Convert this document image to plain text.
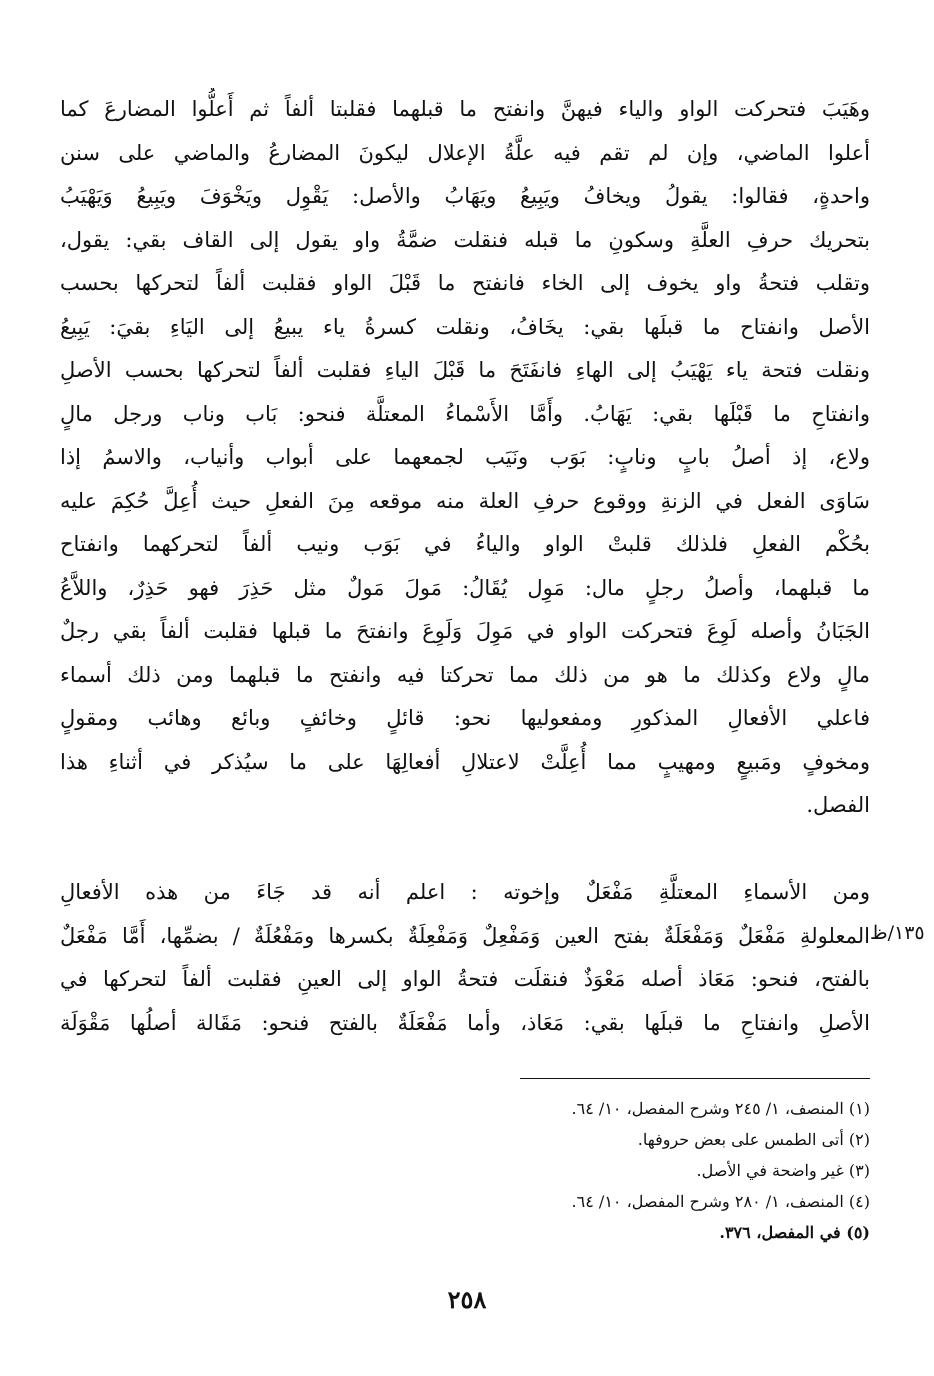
وهَيَبَ فتحركت الواو والياء فيهنَّ وانفتح ما قبلهما فقلبتا ألفاً ثم أَعلُّوا المضارعَ كما
أعلوا الماضي، وإن لم تقم فيه علَّةُ الإعلال ليكونَ المضارعُ والماضي على سنن
واحدةٍ، فقالوا: يقولُ ويخافُ ويَبِيعُ ويَهَابُ والأصل: يَقْوِل ويَخْوَفَ ويَبِيعُ وَيَهْيَبُ
بتحريك حرفِ العلَّةِ وسكونِ ما قبله فنقلت ضمَّةُ واو يقول إلى القاف بقي: يقول،
وتقلب فتحةُ واو يخوف إلى الخاء فانفتح ما قَبْلَ الواو فقلبت ألفاً لتحركها بحسب
الأصل وانفتاح ما قبلَها بقي: يخَافُ، ونقلت كسرةُ ياء يبيعُ إلى اليَاءِ بقيَ: يَبِيعُ
ونقلت فتحة ياء يَهْيَبُ إلى الهاءِ فانفَتَحَ ما قَبْلَ الياءِ فقلبت ألفاً لتحركها بحسب الأصلِ
وانفتاحِ ما قَبْلَها بقي: يَهَابُ. وأَمَّا الأَسْماءُ المعتلَّة فنحو: بَاب وناب ورجل مالٍ
ولاع، إذ أصلُ بابٍ ونابٍ: بَوَب ونَيَب لجمعهما على أبواب وأنياب، والاسمُ إذا
سَاوَى الفعل في الزنةِ ووقوع حرفِ العلة منه موقعه مِنَ الفعلِ حيث أُعِلَّ حُكِمَ عليه
بحُكْم الفعلِ فلذلك قلبتْ الواو والياءُ في بَوَب ونيب ألفاً لتحركهما وانفتاح
ما قبلهما، وأصلُ رجلٍ مال: مَوِل يُقَالُ: مَولَ مَولٌ مثل حَذِرَ فهو حَذِرٌ، واللاَّعُ
الجَبَانُ وأصله لَوِعَ فتحركت الواو في مَوِلَ وَلَوِعَ وانفتحَ ما قبلها فقلبت ألفاً بقي رجلٌ
مالٍ ولاع وكذلك ما هو من ذلك مما تحركتا فيه وانفتح ما قبلهما ومن ذلك أسماء
فاعلي الأفعالِ المذكورِ ومفعوليها نحو: قائلٍ وخائفٍ وبائع وهائب ومقولٍ
ومخوفٍ ومَبيعٍ ومهيبٍ مما أُعِلَّتْ لاعتلالِ أفعالِهَا على ما سيُذكر في أثناءِ هذا
الفصل.
ومن الأسماءِ المعتلَّةِ مَفْعَلٌ وإخوته : اعلم أنه قد جَاءَ من هذه الأفعالِ
المعلولةِ مَفْعَلٌ وَمَفْعَلَةٌ بفتح العين وَمَفْعِلٌ وَمَفْعِلَةٌ بكسرها ومَفْعُلَةٌ / بضمِّها، أَمَّا مَفْعَلٌ
بالفتح، فنحو: مَعَاذ أصله مَعْوَذٌ فنقلَت فتحةُ الواو إلى العينِ فقلبت ألفاً لتحركها في
الأصلِ وانفتاحِ ما قبلَها بقي: مَعَاذ، وأما مَفْعَلَةٌ بالفتح فنحو: مَقَالة أصلُها مَقْوَلَة
١٣٥/ظ
(١) المنصف، ١/ ٢٤٥ وشرح المفصل، ١٠/ ٦٤.
(٢) أتى الطمس على بعض حروفها.
(٣) غير واضحة في الأصل.
(٤) المنصف، ١/ ٢٨٠ وشرح المفصل، ١٠/ ٦٤.
(٥) في المفصل، ٣٧٦.
٢٥٨
